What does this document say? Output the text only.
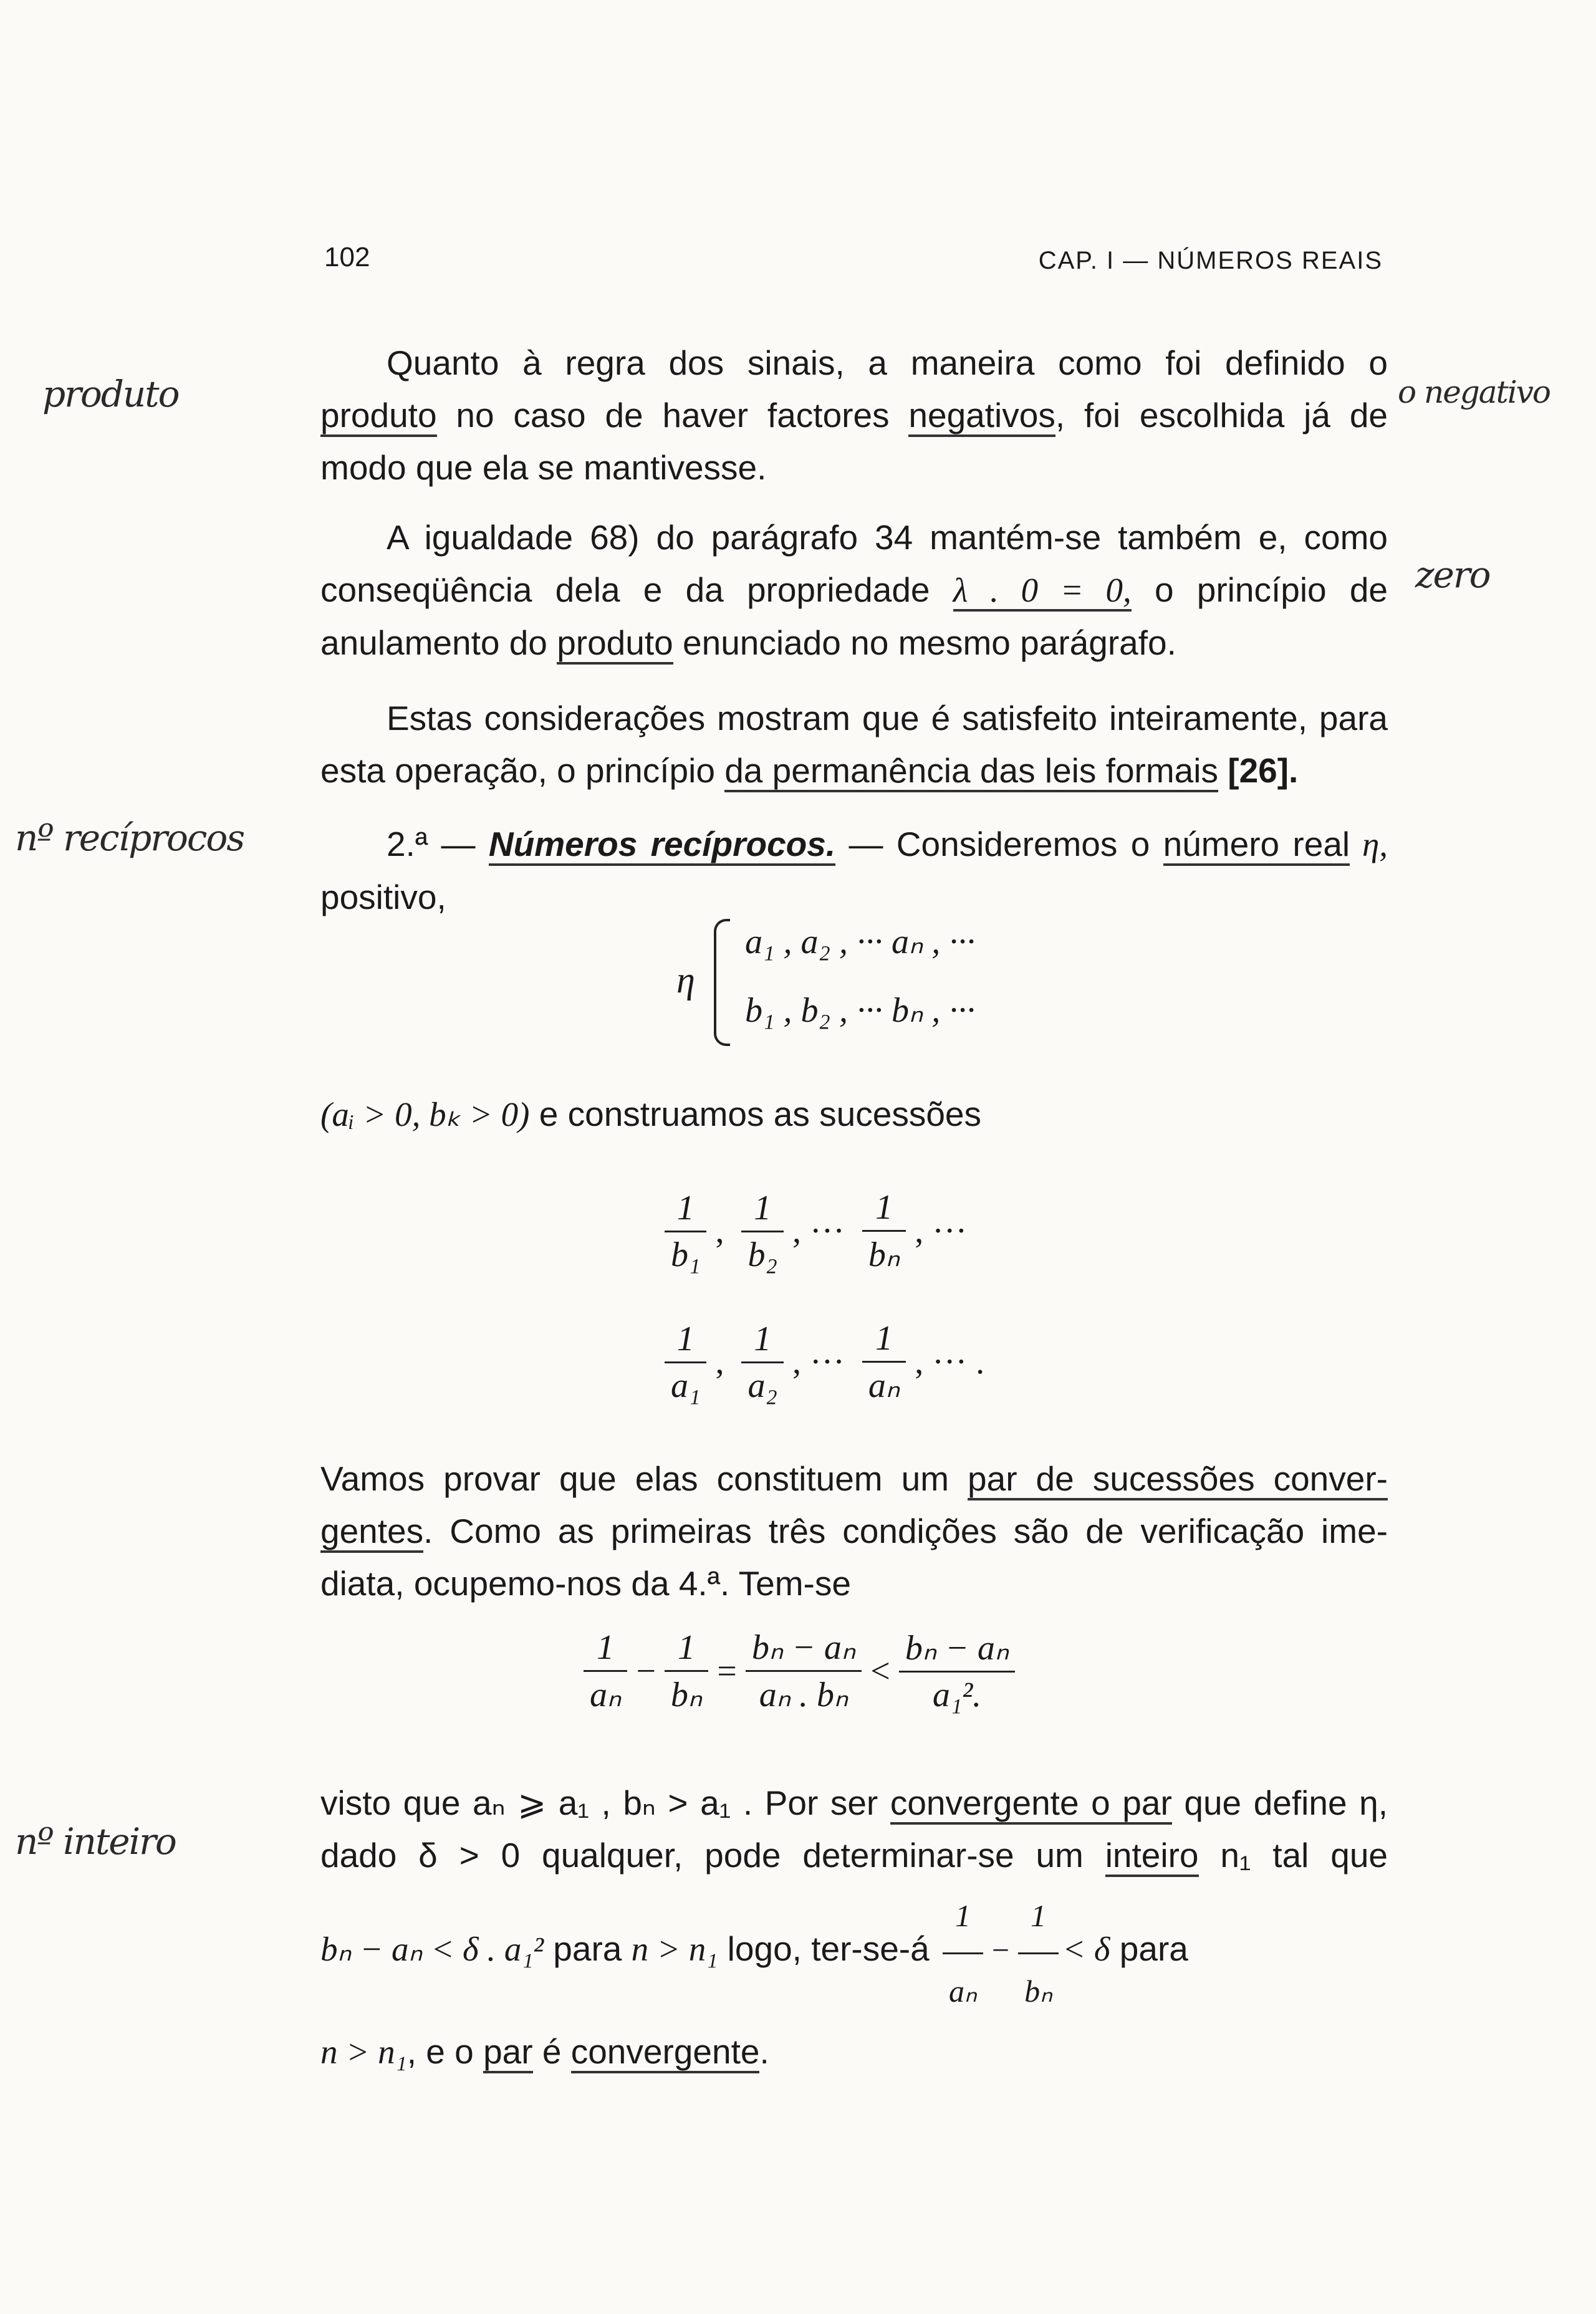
102	CAP. I — NÚMEROS REAIS
produto	o negativo
zero
nº recíprocos
nº inteiro
Quanto à regra dos sinais, a maneira como foi definido o
produto no caso de haver factores negativos, foi escolhida já de
modo que ela se mantivesse.
A igualdade 68) do parágrafo 34 mantém-se também e, como
conseqüência dela e da propriedade λ . 0 = 0, o princípio de
anulamento do produto enunciado no mesmo parágrafo.
Estas considerações mostram que é satisfeito inteiramente, para
esta operação, o princípio da permanência das leis formais [26].
2.ª — Números recíprocos. — Consideremos o número real η,
positivo,
η
a₁ , a₂ , ··· aₙ , ···
b₁ , b₂ , ··· bₙ , ···
(aᵢ > 0, bₖ > 0) e construamos as sucessões
$\frac{1}{\text{b₁}}$ , $\frac{1}{\text{b₂}}$ , ··· $\frac{1}{\text{bₙ}}$ , ···
$\frac{1}{\text{a₁}}$ , $\frac{1}{\text{a₂}}$ , ··· $\frac{1}{\text{aₙ}}$ , ··· .
Vamos provar que elas constituem um par de sucessões conver-
gentes. Como as primeiras três condições são de verificação ime-
diata, ocupemo-nos da 4.ª. Tem-se
$\frac{1}{\text{aₙ}} - \frac{1}{\text{bₙ}} = \frac{\text{bₙ − aₙ}}{\text{aₙ . bₙ}} < \frac{\text{bₙ − aₙ}}{\text{a₁².}}$
visto que aₙ ⩾ a₁ , bₙ > a₁ . Por ser convergente o par que define η,
dado δ > 0 qualquer, pode determinar-se um inteiro n₁ tal que
bₙ − aₙ < δ . a₁² para n > n₁ logo, ter-se-á $\frac{1}{\text{aₙ}} - \frac{1}{\text{bₙ}} < \delta$ para
n > n₁, e o par é convergente.
